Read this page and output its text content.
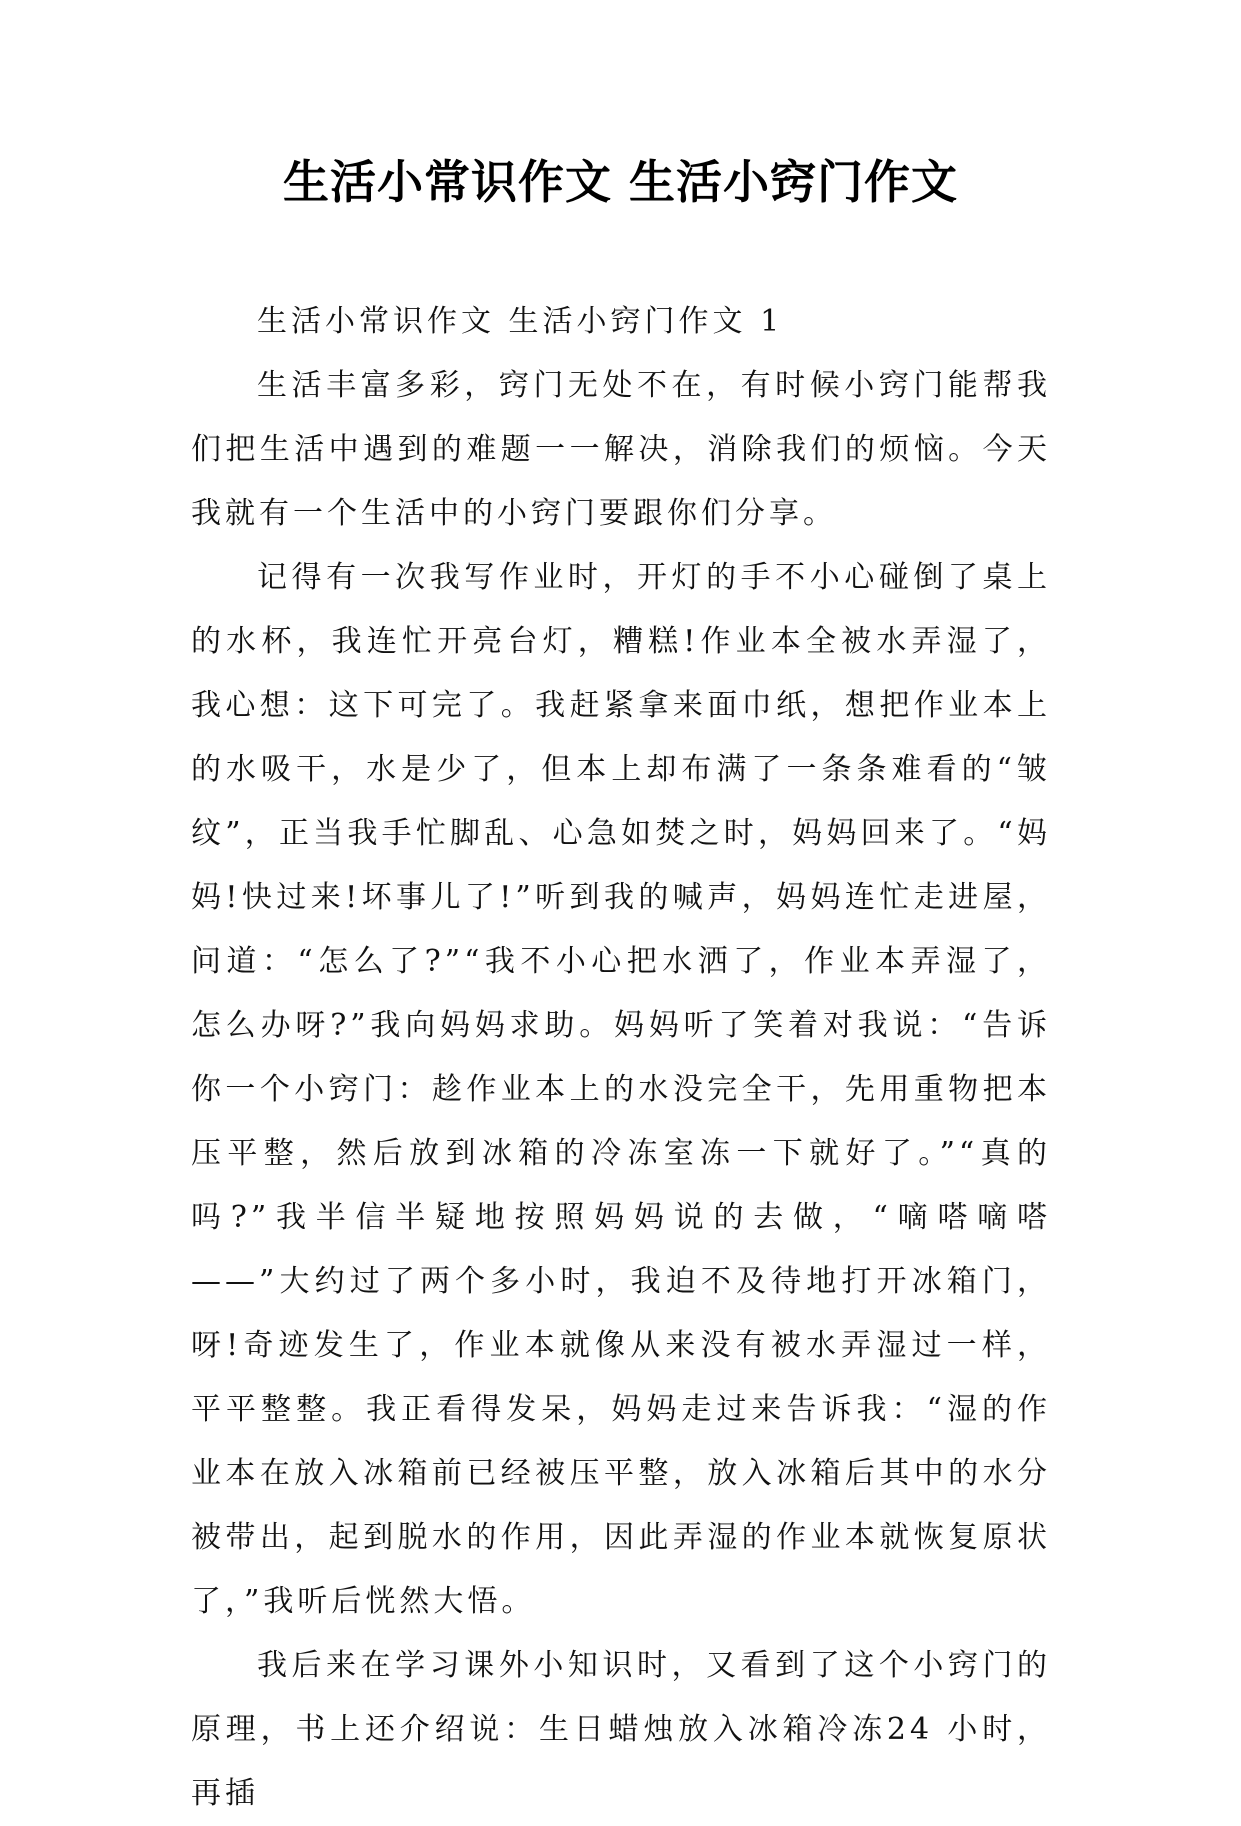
生活小常识作文 生活小窍门作文

生活小常识作文 生活小窍门作文 1

生活丰富多彩，窍门无处不在，有时候小窍门能帮我们把生活中遇到的难题一一解决，消除我们的烦恼。今天我就有一个生活中的小窍门要跟你们分享。

记得有一次我写作业时，开灯的手不小心碰倒了桌上的水杯，我连忙开亮台灯，糟糕!作业本全被水弄湿了，我心想：这下可完了。我赶紧拿来面巾纸，想把作业本上的水吸干，水是少了，但本上却布满了一条条难看的“皱纹”，正当我手忙脚乱、心急如焚之时，妈妈回来了。“妈妈!快过来!坏事儿了!”听到我的喊声，妈妈连忙走进屋，问道：“怎么了?”“我不小心把水洒了，作业本弄湿了，怎么办呀?”我向妈妈求助。妈妈听了笑着对我说：“告诉你一个小窍门：趁作业本上的水没完全干，先用重物把本压平整，然后放到冰箱的冷冻室冻一下就好了。”“真的吗?”我半信半疑地按照妈妈说的去做，“嘀嗒嘀嗒——”大约过了两个多小时，我迫不及待地打开冰箱门，呀!奇迹发生了，作业本就像从来没有被水弄湿过一样，平平整整。我正看得发呆，妈妈走过来告诉我：“湿的作业本在放入冰箱前已经被压平整，放入冰箱后其中的水分被带出，起到脱水的作用，因此弄湿的作业本就恢复原状了，”我听后恍然大悟。

我后来在学习课外小知识时，又看到了这个小窍门的原理，书上还介绍说：生日蜡烛放入冰箱冷冻24 小时，再插
